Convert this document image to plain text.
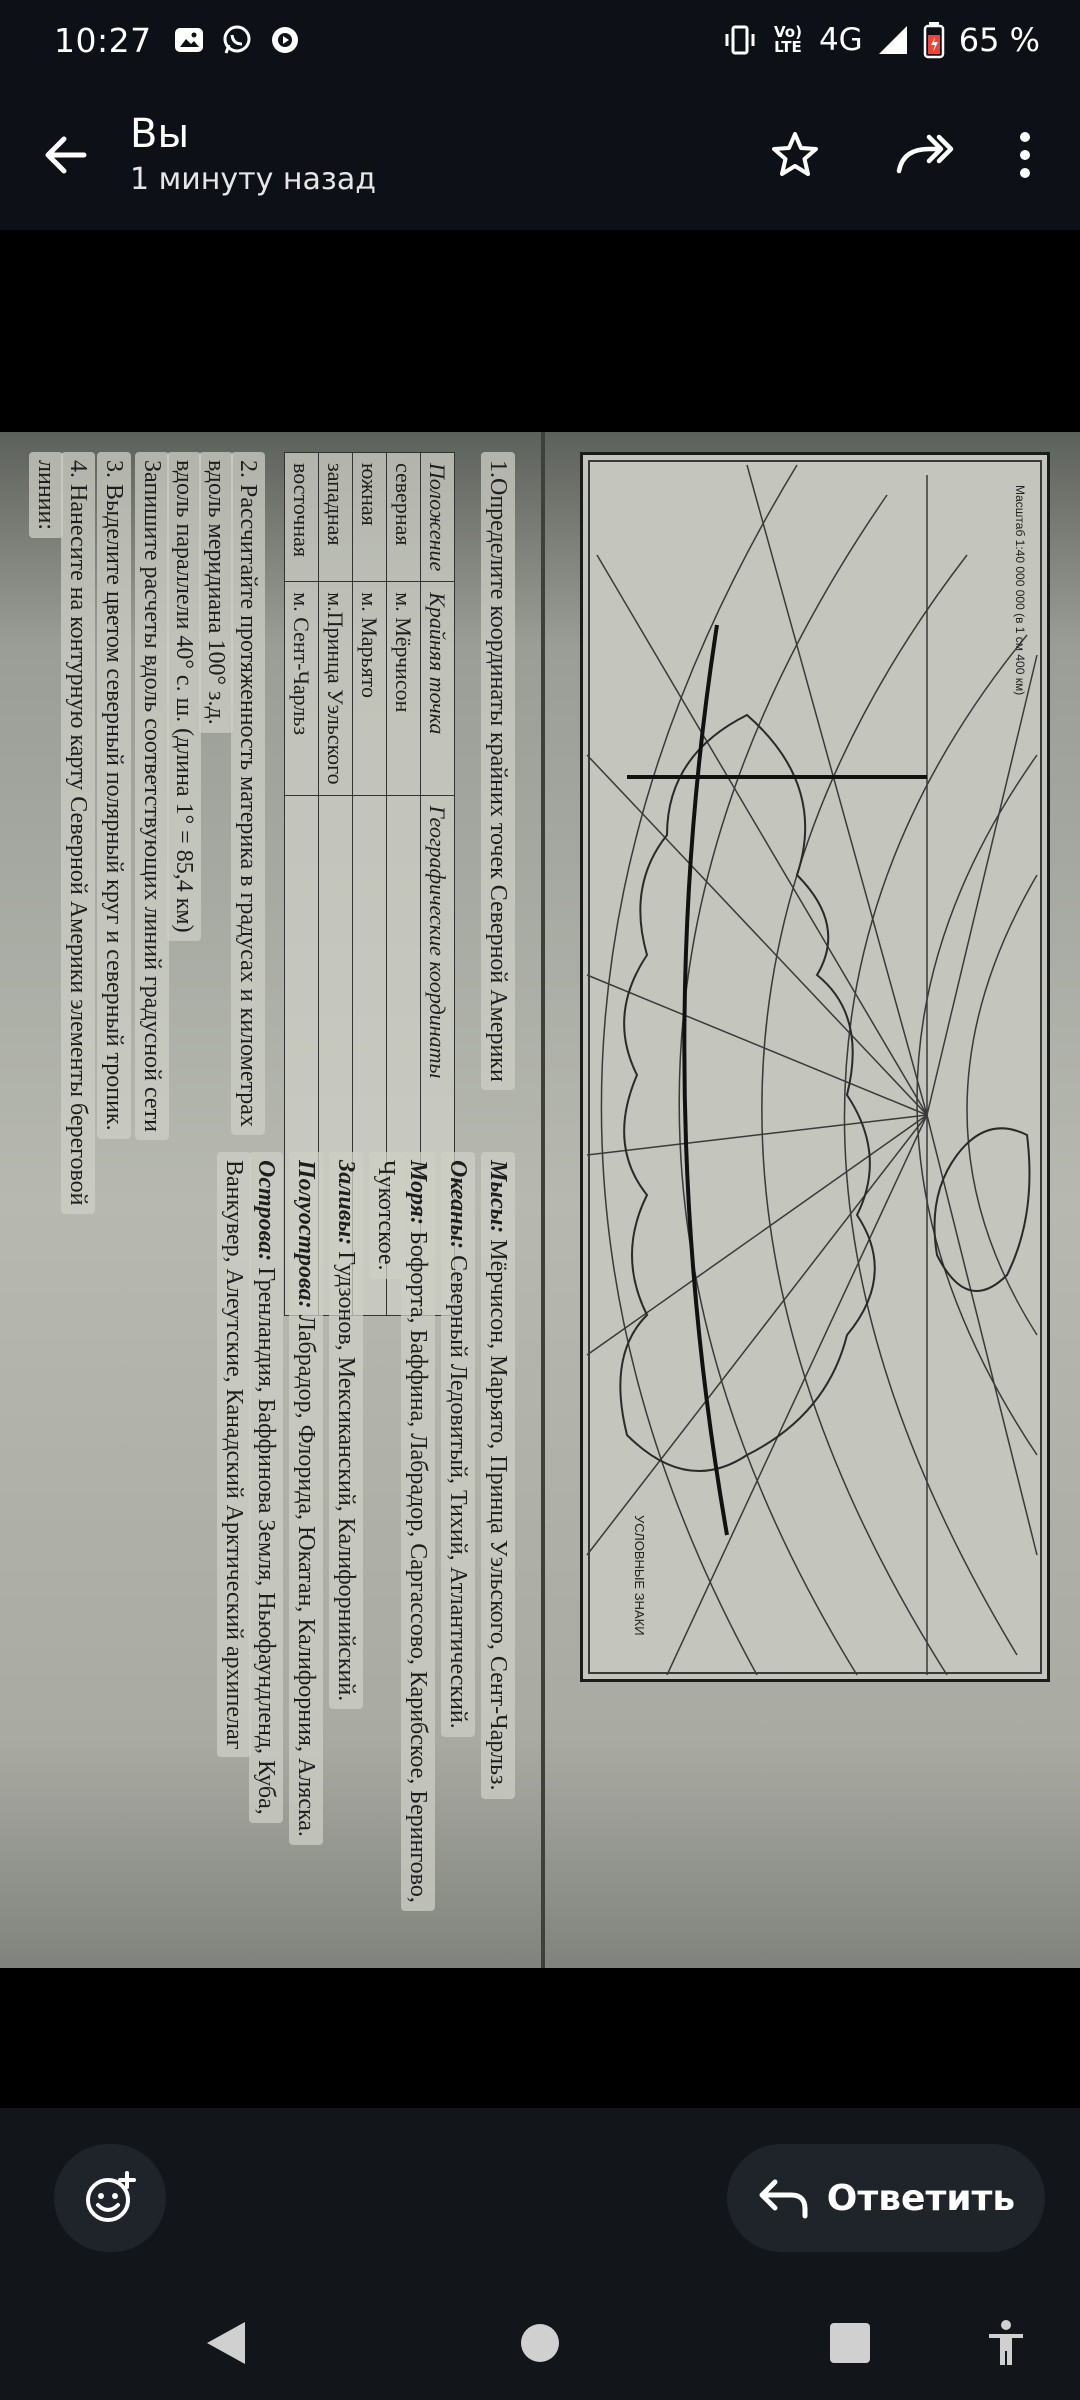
10:27	Vo) LTE 4G	65 %
Вы
1 минуту назад
УСЛОВНЫЕ ЗНАКИ
Масштаб 1:40 000 000 (в 1 см 400 км)
1.Определите координаты крайних точек Северной Америки
Положение	Крайняя точка	Географические координаты
северная	м. Мёрчисон	
южная	м. Марьято	
западная	м.Принца Уэльского	
восточная	м. Сент-Чарльз	
2. Рассчитайте протяженность материка в градусах и километрах
вдоль меридиана 100° з.д.
вдоль параллели 40° с. ш. (длина 1° = 85,4 км)
Запишите расчеты вдоль соответствующих линий градусной сети
3. Выделите цветом северный полярный круг и северный тропик.
4. Нанесите на контурную карту Северной Америки элементы береговой
линии:
Мысы: Мёрчисон, Марьято, Принца Уэльского, Сент-Чарльз.
Океаны: Северный Ледовитый, Тихий, Атлантический.
Моря: Бофорта, Баффина, Лабрадор, Саргассово, Карибское, Берингово,
Чукотское.
Заливы: Гудзонов, Мексиканский, Калифорнийский.
Полуострова: Лабрадор, Флорида, Юкатан, Калифорния, Аляска.
Острова: Гренландия, Баффинова Земля, Ньюфаундленд, Куба,
Ванкувер, Алеутские, Канадский Арктический архипелаг
Ответить
